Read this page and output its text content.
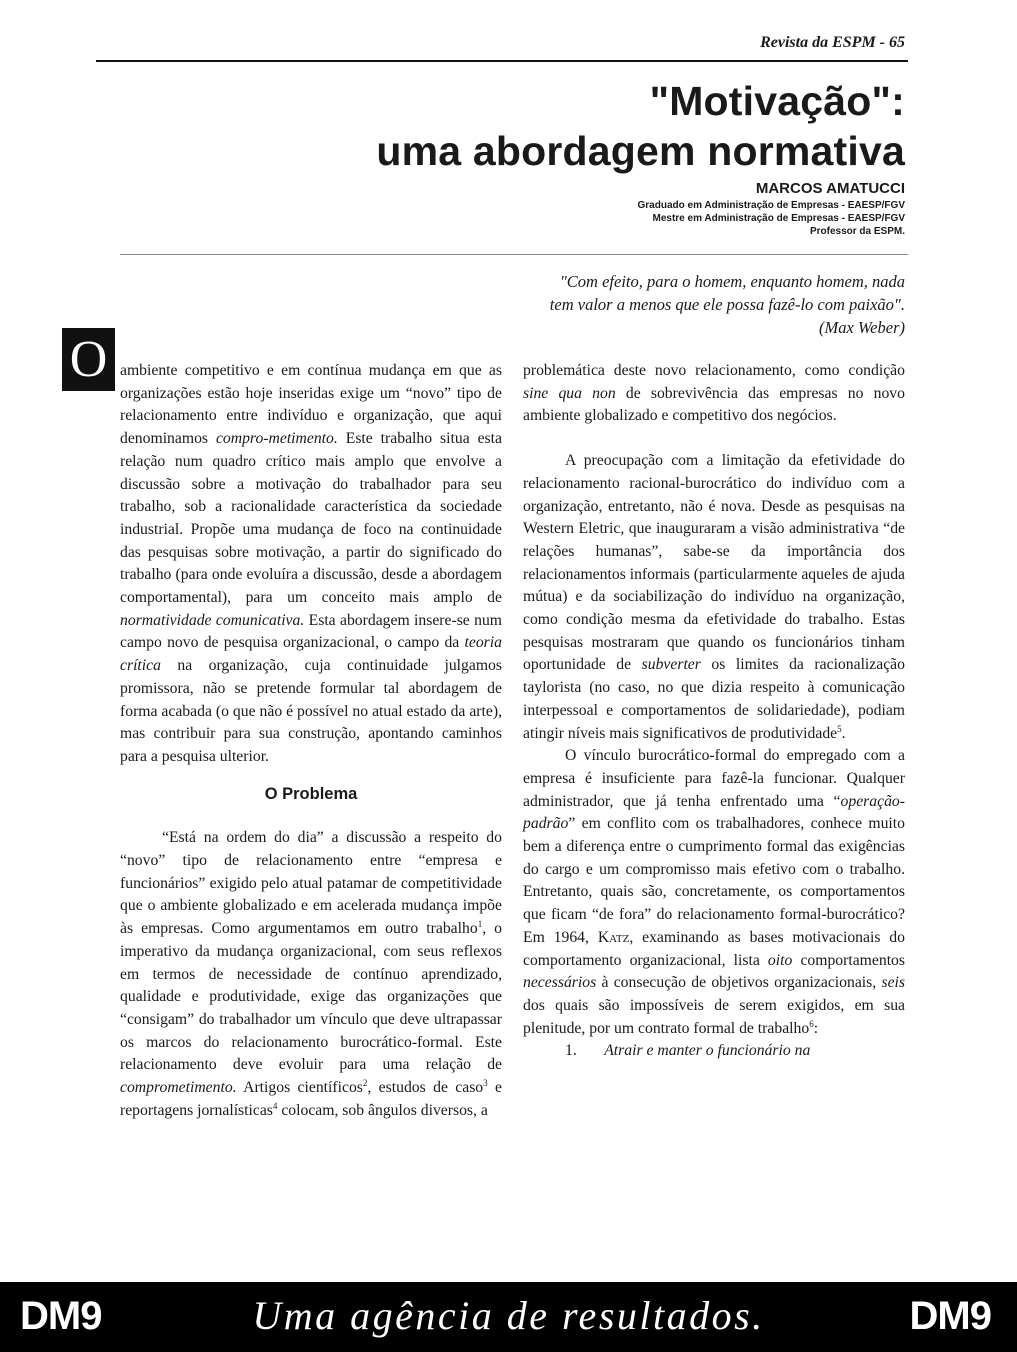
Revista da ESPM - 65
"Motivação":
uma abordagem normativa
MARCOS AMATUCCI
Graduado em Administração de Empresas - EAESP/FGV
Mestre em Administração de Empresas - EAESP/FGV
Professor da ESPM.
"Com efeito, para o homem, enquanto homem, nada
tem valor a menos que ele possa fazê-lo com paixão".
(Max Weber)
O ambiente competitivo e em contínua mudança em que as organizações estão hoje inseridas exige um “novo” tipo de relacionamento entre indivíduo e organização, que aqui denominamos compro-metimento. Este trabalho situa esta relação num quadro crítico mais amplo que envolve a discussão sobre a motivação do trabalhador para seu trabalho, sob a racionalidade característica da sociedade industrial. Propõe uma mudança de foco na continuidade das pesquisas sobre motivação, a partir do significado do trabalho (para onde evoluíra a discussão, desde a abordagem comportamental), para um conceito mais amplo de normatividade comunicativa. Esta abordagem insere-se num campo novo de pesquisa organizacional, o campo da teoria crítica na organização, cuja continuidade julgamos promissora, não se pretende formular tal abordagem de forma acabada (o que não é possível no atual estado da arte), mas contribuir para sua construção, apontando caminhos para a pesquisa ulterior.

O Problema

“Está na ordem do dia” a discussão a respeito do “novo” tipo de relacionamento entre “empresa e funcionários” exigido pelo atual patamar de competitividade que o ambiente globalizado e em acelerada mudança impõe às empresas. Como argumentamos em outro trabalho$^1$, o imperativo da mudança organizacional, com seus reflexos em termos de necessidade de contínuo aprendizado, qualidade e produtividade, exige das organizações que “consigam” do trabalhador um vínculo que deve ultrapassar os marcos do relacionamento burocrático-formal. Este relacionamento deve evoluir para uma relação de comprometimento. Artigos científicos$^2$, estudos de caso$^3$ e reportagens jornalísticas$^4$ colocam, sob ângulos diversos, a

problemática deste novo relacionamento, como condição sine qua non de sobrevivência das empresas no novo ambiente globalizado e competitivo dos negócios.

A preocupação com a limitação da efetividade do relacionamento racional-burocrático do indivíduo com a organização, entretanto, não é nova. Desde as pesquisas na Western Eletric, que inauguraram a visão administrativa “de relações humanas”, sabe-se da importância dos relacionamentos informais (particularmente aqueles de ajuda mútua) e da sociabilização do indivíduo na organização, como condição mesma da efetividade do trabalho. Estas pesquisas mostraram que quando os funcionários tinham oportunidade de subverter os limites da racionalização taylorista (no caso, no que dizia respeito à comunicação interpessoal e comportamentos de solidariedade), podiam atingir níveis mais significativos de produtividade$^5$.

O vínculo burocrático-formal do empregado com a empresa é insuficiente para fazê-la funcionar. Qualquer administrador, que já tenha enfrentado uma “operação-padrão” em conflito com os trabalhadores, conhece muito bem a diferença entre o cumprimento formal das exigências do cargo e um compromisso mais efetivo com o trabalho. Entretanto, quais são, concretamente, os comportamentos que ficam “de fora” do relacionamento formal-burocrático? Em 1964, Katz, examinando as bases motivacionais do comportamento organizacional, lista oito comportamentos necessários à consecução de objetivos organizacionais, seis dos quais são impossíveis de serem exigidos, em sua plenitude, por um contrato formal de trabalho$^6$:

1. Atrair e manter o funcionário na

DM9	Uma agência de resultados.	DM9
